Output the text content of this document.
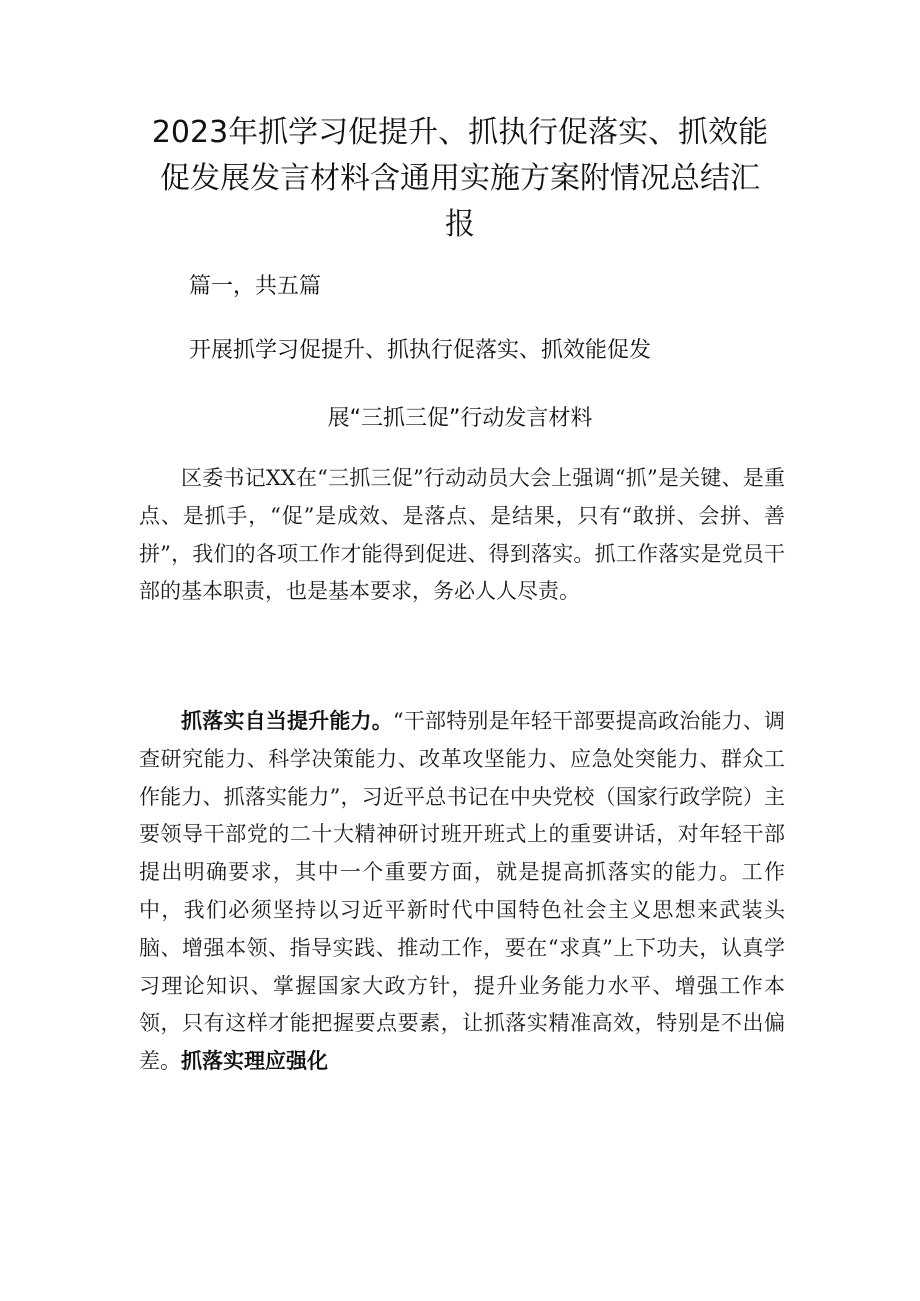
2023年抓学习促提升、抓执行促落实、抓效能促发展发言材料含通用实施方案附情况总结汇报

篇一，共五篇

开展抓学习促提升、抓执行促落实、抓效能促发

展“三抓三促”行动发言材料

区委书记XX在“三抓三促”行动动员大会上强调“抓”是关键、是重点、是抓手，“促”是成效、是落点、是结果，只有“敢拼、会拼、善拼”，我们的各项工作才能得到促进、得到落实。抓工作落实是党员干部的基本职责，也是基本要求，务必人人尽责。

抓落实自当提升能力。“干部特别是年轻干部要提高政治能力、调查研究能力、科学决策能力、改革攻坚能力、应急处突能力、群众工作能力、抓落实能力”，习近平总书记在中央党校（国家行政学院）主要领导干部党的二十大精神研讨班开班式上的重要讲话，对年轻干部提出明确要求，其中一个重要方面，就是提高抓落实的能力。工作中，我们必须坚持以习近平新时代中国特色社会主义思想来武装头脑、增强本领、指导实践、推动工作，要在“求真”上下功夫，认真学习理论知识、掌握国家大政方针，提升业务能力水平、增强工作本领，只有这样才能把握要点要素，让抓落实精准高效，特别是不出偏差。抓落实理应强化
